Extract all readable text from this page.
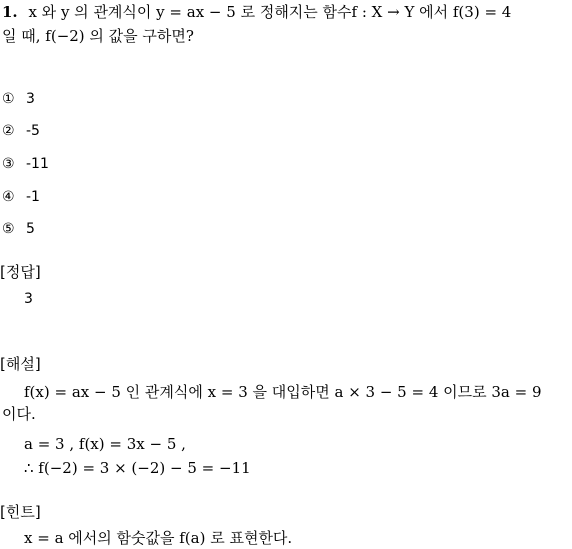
1. x 와 y 의 관계식이 y = ax − 5 로 정해지는 함수f : X → Y 에서 f(3) = 4
일 때, f(−2) 의 값을 구하면?
① 3
② -5
③ -11
④ -1
⑤ 5
[정답]
3
[해설]
f(x) = ax − 5 인 관계식에 x = 3 을 대입하면 a × 3 − 5 = 4 이므로 3a = 9
이다.
a = 3 , f(x) = 3x − 5 ,
∴ f(−2) = 3 × (−2) − 5 = −11
[힌트]
x = a 에서의 함숫값을 f(a) 로 표현한다.
